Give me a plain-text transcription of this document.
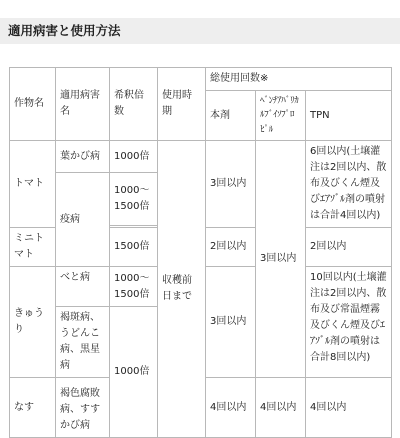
適用病害と使用方法
作物名	適用病害名	希釈倍数	使用時期	総使用回数※		
				本剤	ﾍﾞﾝﾁｱﾊﾞﾘｶﾙﾌﾞｲｿﾌﾟﾛﾋﾟﾙ	TPN
トマト	葉かび病	1000倍	収穫前日まで	3回以内	3回以内	6回以内(土壌灌注は2回以内、散布及びくん煙及びｴｱｿﾞﾙ剤の噴射は合計4回以内)
	疫病	1000～1500倍				

ミニトマト		1500倍		2回以内		2回以内
きゅうり	べと病	1000～1500倍		3回以内		10回以内(土壌灌注は2回以内、散布及び常温煙霧及びくん煙及びｴｱｿﾞﾙ剤の噴射は合計8回以内)
	褐斑病、うどんこ病、黒星病	1000倍				
なす	褐色腐敗病、すすかび病			4回以内	4回以内	4回以内
